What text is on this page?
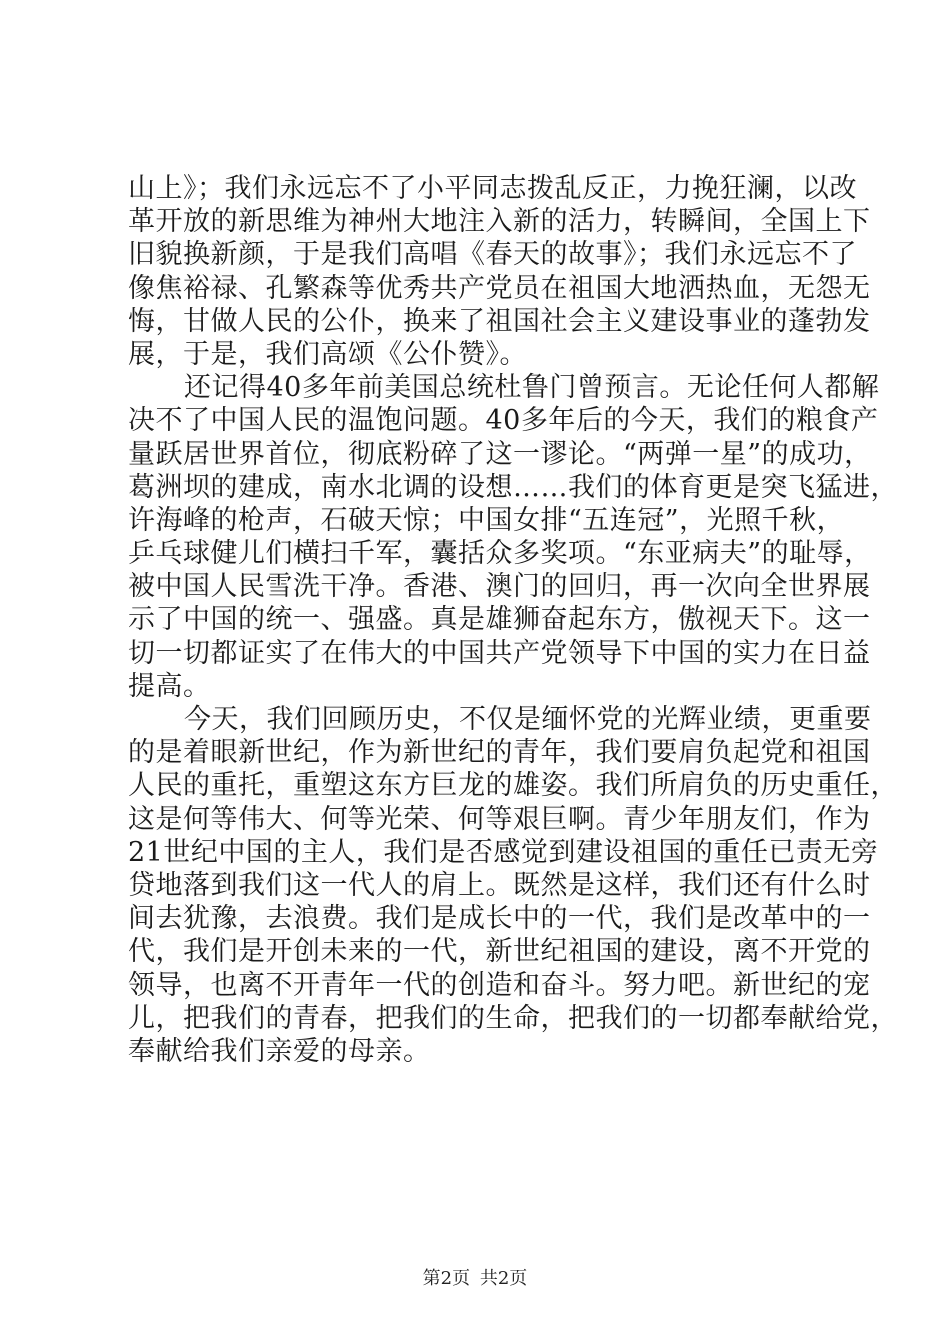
山上》；我们永远忘不了小平同志拨乱反正，力挽狂澜，以改
革开放的新思维为神州大地注入新的活力，转瞬间，全国上下
旧貌换新颜，于是我们高唱《春天的故事》；我们永远忘不了
像焦裕禄、孔繁森等优秀共产党员在祖国大地洒热血，无怨无
悔，甘做人民的公仆，换来了祖国社会主义建设事业的蓬勃发
展，于是，我们高颂《公仆赞》。
还记得40多年前美国总统杜鲁门曾预言。无论任何人都解
决不了中国人民的温饱问题。40多年后的今天，我们的粮食产
量跃居世界首位，彻底粉碎了这一谬论。“两弹一星”的成功，
葛洲坝的建成，南水北调的设想……我们的体育更是突飞猛进，
许海峰的枪声，石破天惊；中国女排“五连冠”，光照千秋，
乒乓球健儿们横扫千军，囊括众多奖项。“东亚病夫”的耻辱，
被中国人民雪洗干净。香港、澳门的回归，再一次向全世界展
示了中国的统一、强盛。真是雄狮奋起东方，傲视天下。这一
切一切都证实了在伟大的中国共产党领导下中国的实力在日益
提高。
今天，我们回顾历史，不仅是缅怀党的光辉业绩，更重要
的是着眼新世纪，作为新世纪的青年，我们要肩负起党和祖国
人民的重托，重塑这东方巨龙的雄姿。我们所肩负的历史重任，
这是何等伟大、何等光荣、何等艰巨啊。青少年朋友们，作为
21世纪中国的主人，我们是否感觉到建设祖国的重任已责无旁
贷地落到我们这一代人的肩上。既然是这样，我们还有什么时
间去犹豫，去浪费。我们是成长中的一代，我们是改革中的一
代，我们是开创未来的一代，新世纪祖国的建设，离不开党的
领导，也离不开青年一代的创造和奋斗。努力吧。新世纪的宠
儿，把我们的青春，把我们的生命，把我们的一切都奉献给党，
奉献给我们亲爱的母亲。
第2页 共2页
